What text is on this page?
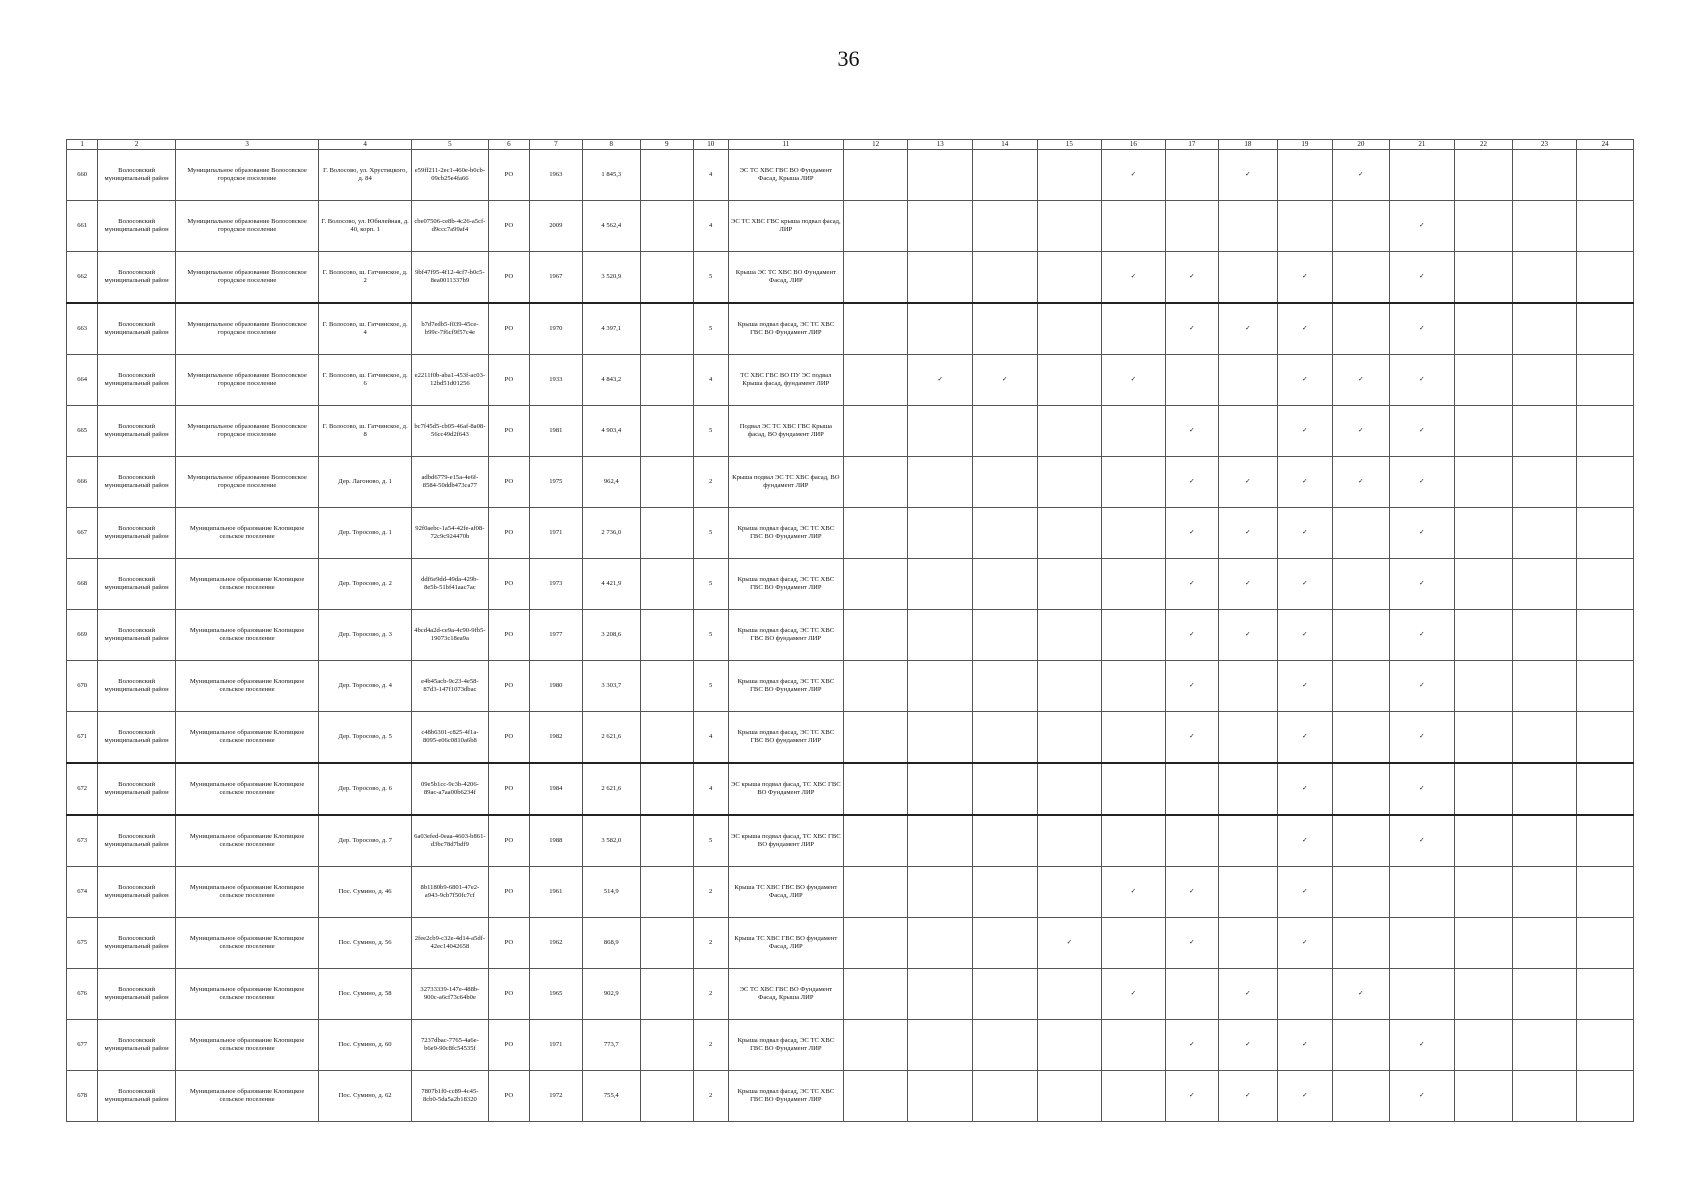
36
1	2	3	4	5	6	7	8	9	10	11	12	13	14	15	16	17	18	19	20	21	22	23	24
660	Волосовский муниципальный район	Муниципальное образование Волосовское городское поселение	Г. Волосово, ул. Хрустицкого, д. 84	e59ff211-2ec1-460e-b0cb-09cb25e4fa66	РО	1963	1 845,3		4	ЭС ТС ХВС ГВС ВО Фундамент Фасад, Крыша ЛИР					✓		✓		✓				
661	Волосовский муниципальный район	Муниципальное образование Волосовское городское поселение	Г. Волосово, ул. Юбилейная, д. 40, корп. 1	cbe07506-ce8b-4c26-a5cf-d9ccc7a99af4	РО	2009	4 562,4		4	ЭС ТС ХВС ГВС крыша подвал фасад, ЛИР										✓			
662	Волосовский муниципальный район	Муниципальное образование Волосовское городское поселение	Г. Волосово, ш. Гатчинское, д. 2	9bf47f95-4f12-4cf7-b0c5-8ea0011337b9	РО	1967	3 520,9		5	Крыша ЭС ТС ХВС ВО Фундамент Фасад, ЛИР					✓	✓		✓		✓			
663	Волосовский муниципальный район	Муниципальное образование Волосовское городское поселение	Г. Волосово, ш. Гатчинское, д. 4	b7d7edb5-f039-45ce-b99c-7f6cf9f57c4e	РО	1970	4 397,1		5	Крыша подвал фасад, ЭС ТС ХВС ГВС ВО Фундамент ЛИР						✓	✓	✓		✓			
664	Волосовский муниципальный район	Муниципальное образование Волосовское городское поселение	Г. Волосово, ш. Гатчинское, д. 6	e2211f0b-aba1-453f-ac03-12bd51d01256	РО	1933	4 843,2		4	ТС ХВС ГВС ВО ПУ ЭС подвал Крыша фасад, фундамент ЛИР		✓	✓		✓			✓	✓	✓			
665	Волосовский муниципальный район	Муниципальное образование Волосовское городское поселение	Г. Волосово, ш. Гатчинское, д. 8	bc7f45d5-cb05-46af-8a08-56cc49d2f643	РО	1981	4 903,4		5	Подвал ЭС ТС ХВС ГВС Крыша фасад, ВО фундамент ЛИР						✓		✓	✓	✓			
666	Волосовский муниципальный район	Муниципальное образование Волосовское городское поселение	Дер. Лагоново, д. 1	adbd6779-e15a-4e6f-8584-50ddb473ca77	РО	1975	962,4		2	Крыша подвал ЭС ТС ХВС фасад, ВО фундамент ЛИР						✓	✓	✓	✓	✓			
667	Волосовский муниципальный район	Муниципальное образование Клопицкое сельское поселение	Дер. Торосово, д. 1	92f0aebc-1a54-42fe-af08-72c9c924470b	РО	1971	2 736,0		5	Крыша подвал фасад, ЭС ТС ХВС ГВС ВО Фундамент ЛИР						✓	✓	✓		✓			
668	Волосовский муниципальный район	Муниципальное образование Клопицкое сельское поселение	Дер. Торосово, д. 2	ddf6e9dd-49da-429b-8e5b-51bf41aac7ac	РО	1973	4 421,9		5	Крыша подвал фасад, ЭС ТС ХВС ГВС ВО Фундамент ЛИР						✓	✓	✓		✓			
669	Волосовский муниципальный район	Муниципальное образование Клопицкое сельское поселение	Дер. Торосово, д. 3	4bcd4a2d-ce9a-4c90-9fb5-19073c18ea9a	РО	1977	3 208,6		5	Крыша подвал фасад, ЭС ТС ХВС ГВС ВО фундамент ЛИР						✓	✓	✓		✓			
670	Волосовский муниципальный район	Муниципальное образование Клопицкое сельское поселение	Дер. Торосово, д. 4	e4b45acb-9c23-4e58-87d3-147f1073dbac	РО	1980	3 303,7		5	Крыша подвал фасад, ЭС ТС ХВС ГВС ВО Фундамент ЛИР						✓		✓		✓			
671	Волосовский муниципальный район	Муниципальное образование Клопицкое сельское поселение	Дер. Торосово, д. 5	c48b6301-c825-4f1a-8095-e06c0810a6b8	РО	1982	2 621,6		4	Крыша подвал фасад, ЭС ТС ХВС ГВС ВО фундамент ЛИР						✓		✓		✓			
672	Волосовский муниципальный район	Муниципальное образование Клопицкое сельское поселение	Дер. Торосово, д. 6	09e5b1cc-9c3b-4206-89ac-a7aa00b6234f	РО	1984	2 621,6		4	ЭС крыша подвал фасад, ТС ХВС ГВС ВО Фундамент ЛИР								✓		✓			
673	Волосовский муниципальный район	Муниципальное образование Клопицкое сельское поселение	Дер. Торосово, д. 7	6a03efed-0eaa-4603-b861-d3bc78d7bdf9	РО	1988	3 582,0		5	ЭС крыша подвал фасад, ТС ХВС ГВС ВО фундамент ЛИР								✓		✓			
674	Волосовский муниципальный район	Муниципальное образование Клопицкое сельское поселение	Пос. Сумино, д. 46	8b1180b9-6801-47e2-a943-9cb7f50fc7cf	РО	1961	514,9		2	Крыша ТС ХВС ГВС ВО фундамент Фасад, ЛИР					✓	✓		✓					
675	Волосовский муниципальный район	Муниципальное образование Клопицкое сельское поселение	Пос. Сумино, д. 56	2fee2cb9-c32e-4d14-a5df-42ec14042658	РО	1962	868,9		2	Крыша ТС ХВС ГВС ВО фундамент Фасад, ЛИР				✓		✓		✓					
676	Волосовский муниципальный район	Муниципальное образование Клопицкое сельское поселение	Пос. Сумино, д. 58	32733339-147e-488b-900c-a6cf73c64b0e	РО	1965	902,9		2	ЭС ТС ХВС ГВС ВО Фундамент Фасад, Крыша ЛИР					✓		✓		✓				
677	Волосовский муниципальный район	Муниципальное образование Клопицкое сельское поселение	Пос. Сумино, д. 60	7237dbac-7765-4a6e-b6e9-90c8fc54535f	РО	1971	773,7		2	Крыша подвал фасад, ЭС ТС ХВС ГВС ВО Фундамент ЛИР						✓	✓	✓		✓			
678	Волосовский муниципальный район	Муниципальное образование Клопицкое сельское поселение	Пос. Сумино, д. 62	7807b1f0-cc89-4c45-8cb0-5da5a2b18320	РО	1972	755,4		2	Крыша подвал фасад, ЭС ТС ХВС ГВС ВО Фундамент ЛИР						✓	✓	✓		✓			
